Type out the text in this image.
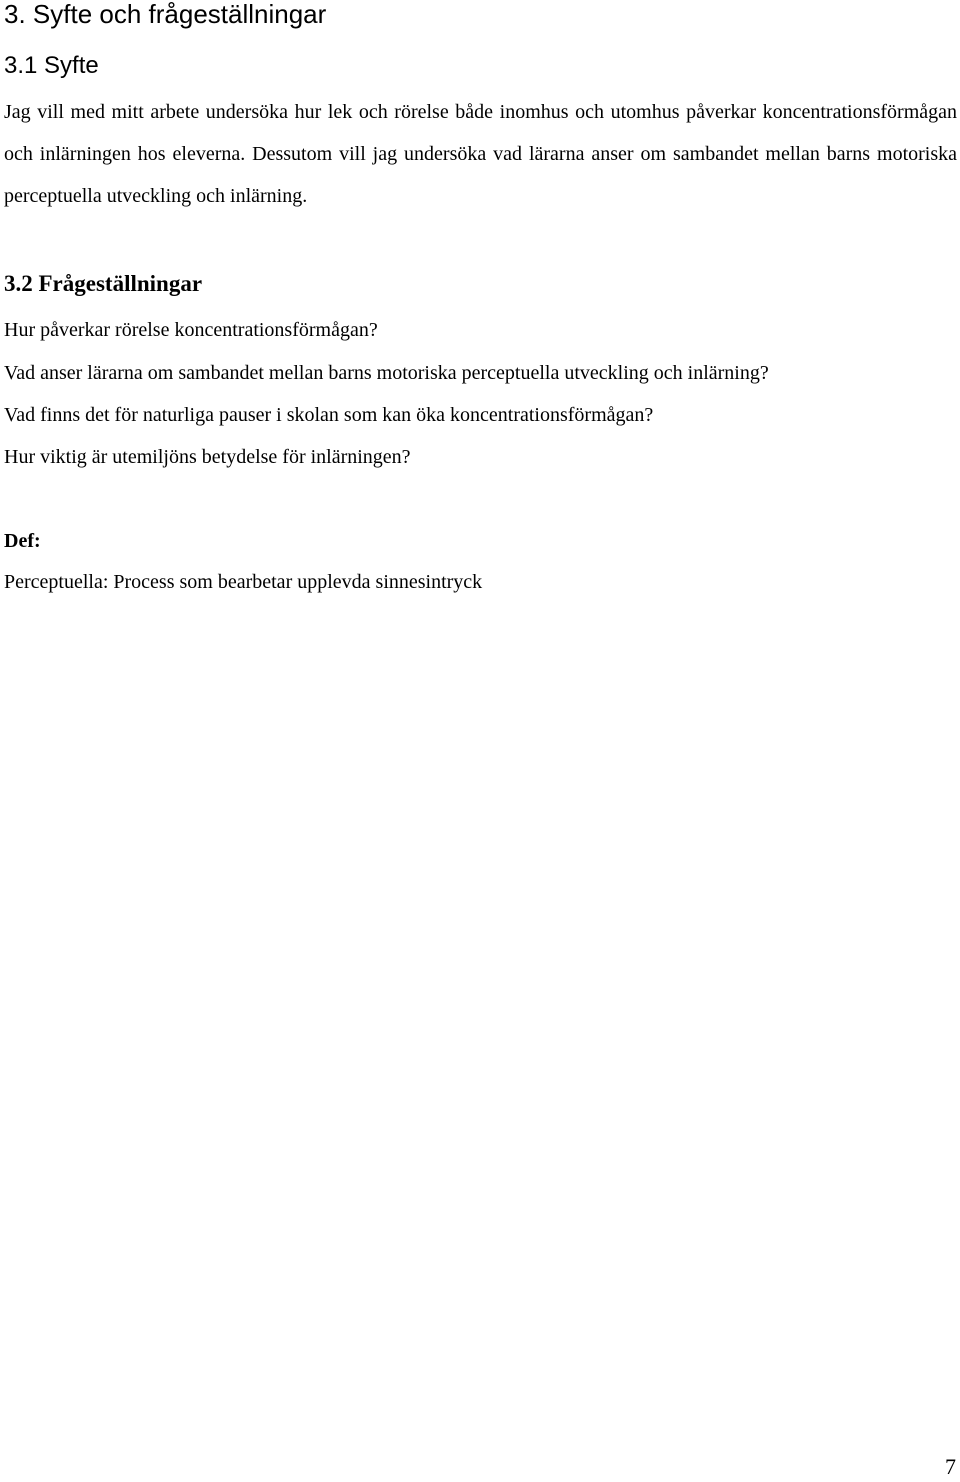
3. Syfte och frågeställningar
3.1 Syfte

Jag vill med mitt arbete undersöka hur lek och rörelse både inomhus och utomhus påverkar koncentrationsförmågan och inlärningen hos eleverna. Dessutom vill jag undersöka vad lärarna anser om sambandet mellan barns motoriska perceptuella utveckling och inlärning.

3.2 Frågeställningar

Hur påverkar rörelse koncentrationsförmågan?

Vad anser lärarna om sambandet mellan barns motoriska perceptuella utveckling och inlärning?

Vad finns det för naturliga pauser i skolan som kan öka koncentrationsförmågan?

Hur viktig är utemiljöns betydelse för inlärningen?

Def:

Perceptuella: Process som bearbetar upplevda sinnesintryck

7
